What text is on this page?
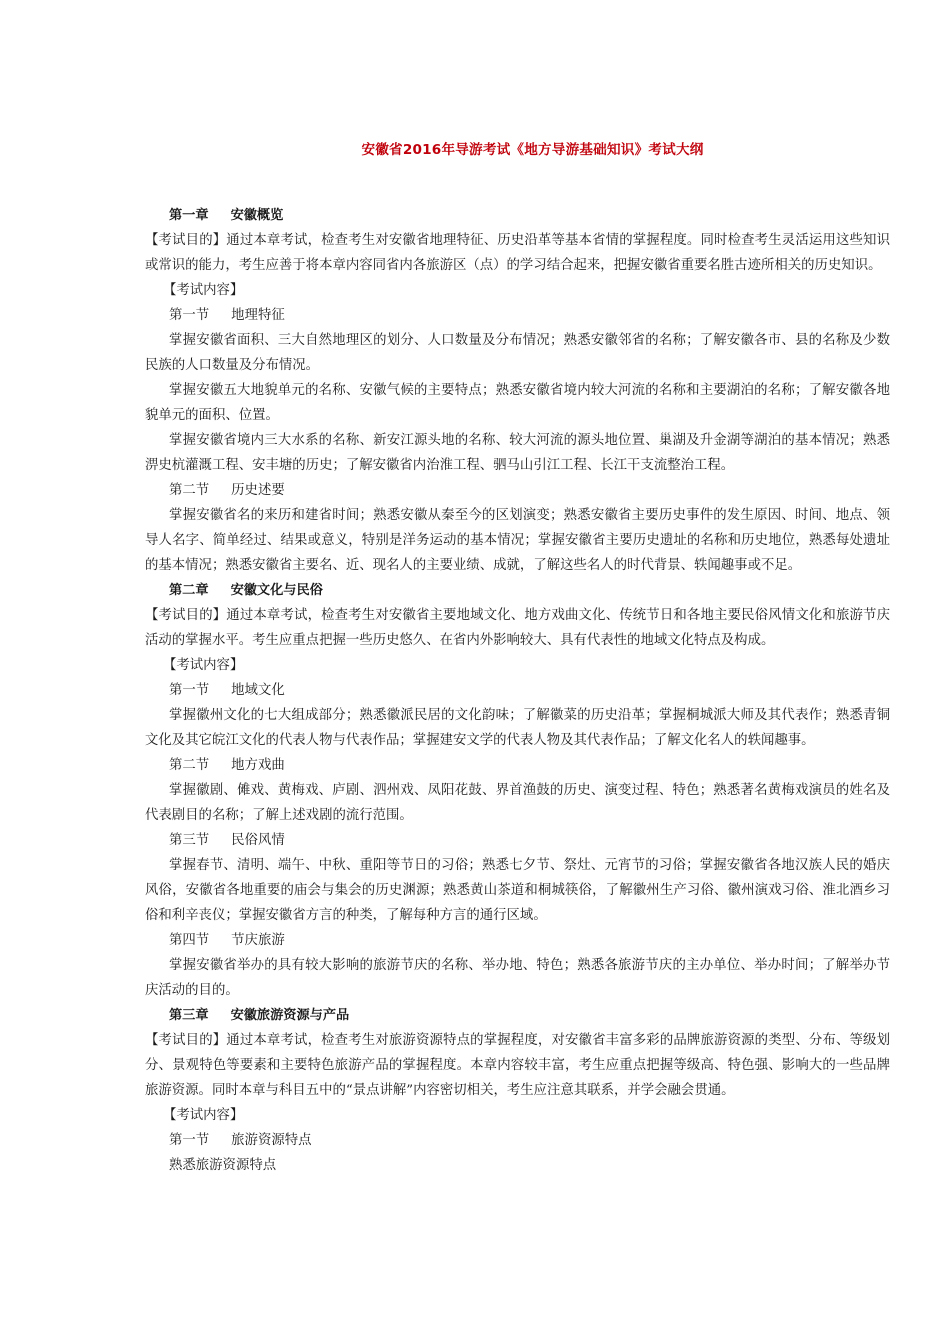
安徽省2016年导游考试《地方导游基础知识》考试大纲
第一章 安徽概览
【考试目的】通过本章考试，检查考生对安徽省地理特征、历史沿革等基本省情的掌握程度。同时检查考生灵活运用这些知识或常识的能力，考生应善于将本章内容同省内各旅游区（点）的学习结合起来，把握安徽省重要名胜古迹所相关的历史知识。
【考试内容】
第一节 地理特征
掌握安徽省面积、三大自然地理区的划分、人口数量及分布情况；熟悉安徽邻省的名称；了解安徽各市、县的名称及少数民族的人口数量及分布情况。
掌握安徽五大地貌单元的名称、安徽气候的主要特点；熟悉安徽省境内较大河流的名称和主要湖泊的名称；了解安徽各地貌单元的面积、位置。
掌握安徽省境内三大水系的名称、新安江源头地的名称、较大河流的源头地位置、巢湖及升金湖等湖泊的基本情况；熟悉淠史杭灌溉工程、安丰塘的历史；了解安徽省内治淮工程、驷马山引江工程、长江干支流整治工程。
第二节 历史述要
掌握安徽省名的来历和建省时间；熟悉安徽从秦至今的区划演变；熟悉安徽省主要历史事件的发生原因、时间、地点、领导人名字、简单经过、结果或意义，特别是洋务运动的基本情况；掌握安徽省主要历史遗址的名称和历史地位，熟悉每处遗址的基本情况；熟悉安徽省主要名、近、现名人的主要业绩、成就，了解这些名人的时代背景、轶闻趣事或不足。
第二章 安徽文化与民俗
【考试目的】通过本章考试，检查考生对安徽省主要地域文化、地方戏曲文化、传统节日和各地主要民俗风情文化和旅游节庆活动的掌握水平。考生应重点把握一些历史悠久、在省内外影响较大、具有代表性的地域文化特点及构成。
【考试内容】
第一节 地域文化
掌握徽州文化的七大组成部分；熟悉徽派民居的文化韵味；了解徽菜的历史沿革；掌握桐城派大师及其代表作；熟悉青铜文化及其它皖江文化的代表人物与代表作品；掌握建安文学的代表人物及其代表作品；了解文化名人的轶闻趣事。
第二节 地方戏曲
掌握徽剧、傩戏、黄梅戏、庐剧、泗州戏、凤阳花鼓、界首渔鼓的历史、演变过程、特色；熟悉著名黄梅戏演员的姓名及代表剧目的名称；了解上述戏剧的流行范围。
第三节 民俗风情
掌握春节、清明、端午、中秋、重阳等节日的习俗；熟悉七夕节、祭灶、元宵节的习俗；掌握安徽省各地汉族人民的婚庆风俗，安徽省各地重要的庙会与集会的历史渊源；熟悉黄山茶道和桐城筷俗，了解徽州生产习俗、徽州演戏习俗、淮北酒乡习俗和利辛丧仪；掌握安徽省方言的种类，了解每种方言的通行区域。
第四节 节庆旅游
掌握安徽省举办的具有较大影响的旅游节庆的名称、举办地、特色；熟悉各旅游节庆的主办单位、举办时间；了解举办节庆活动的目的。
第三章 安徽旅游资源与产品
【考试目的】通过本章考试，检查考生对旅游资源特点的掌握程度，对安徽省丰富多彩的品牌旅游资源的类型、分布、等级划分、景观特色等要素和主要特色旅游产品的掌握程度。本章内容较丰富，考生应重点把握等级高、特色强、影响大的一些品牌旅游资源。同时本章与科目五中的“景点讲解”内容密切相关，考生应注意其联系，并学会融会贯通。
【考试内容】
第一节 旅游资源特点
熟悉旅游资源特点
